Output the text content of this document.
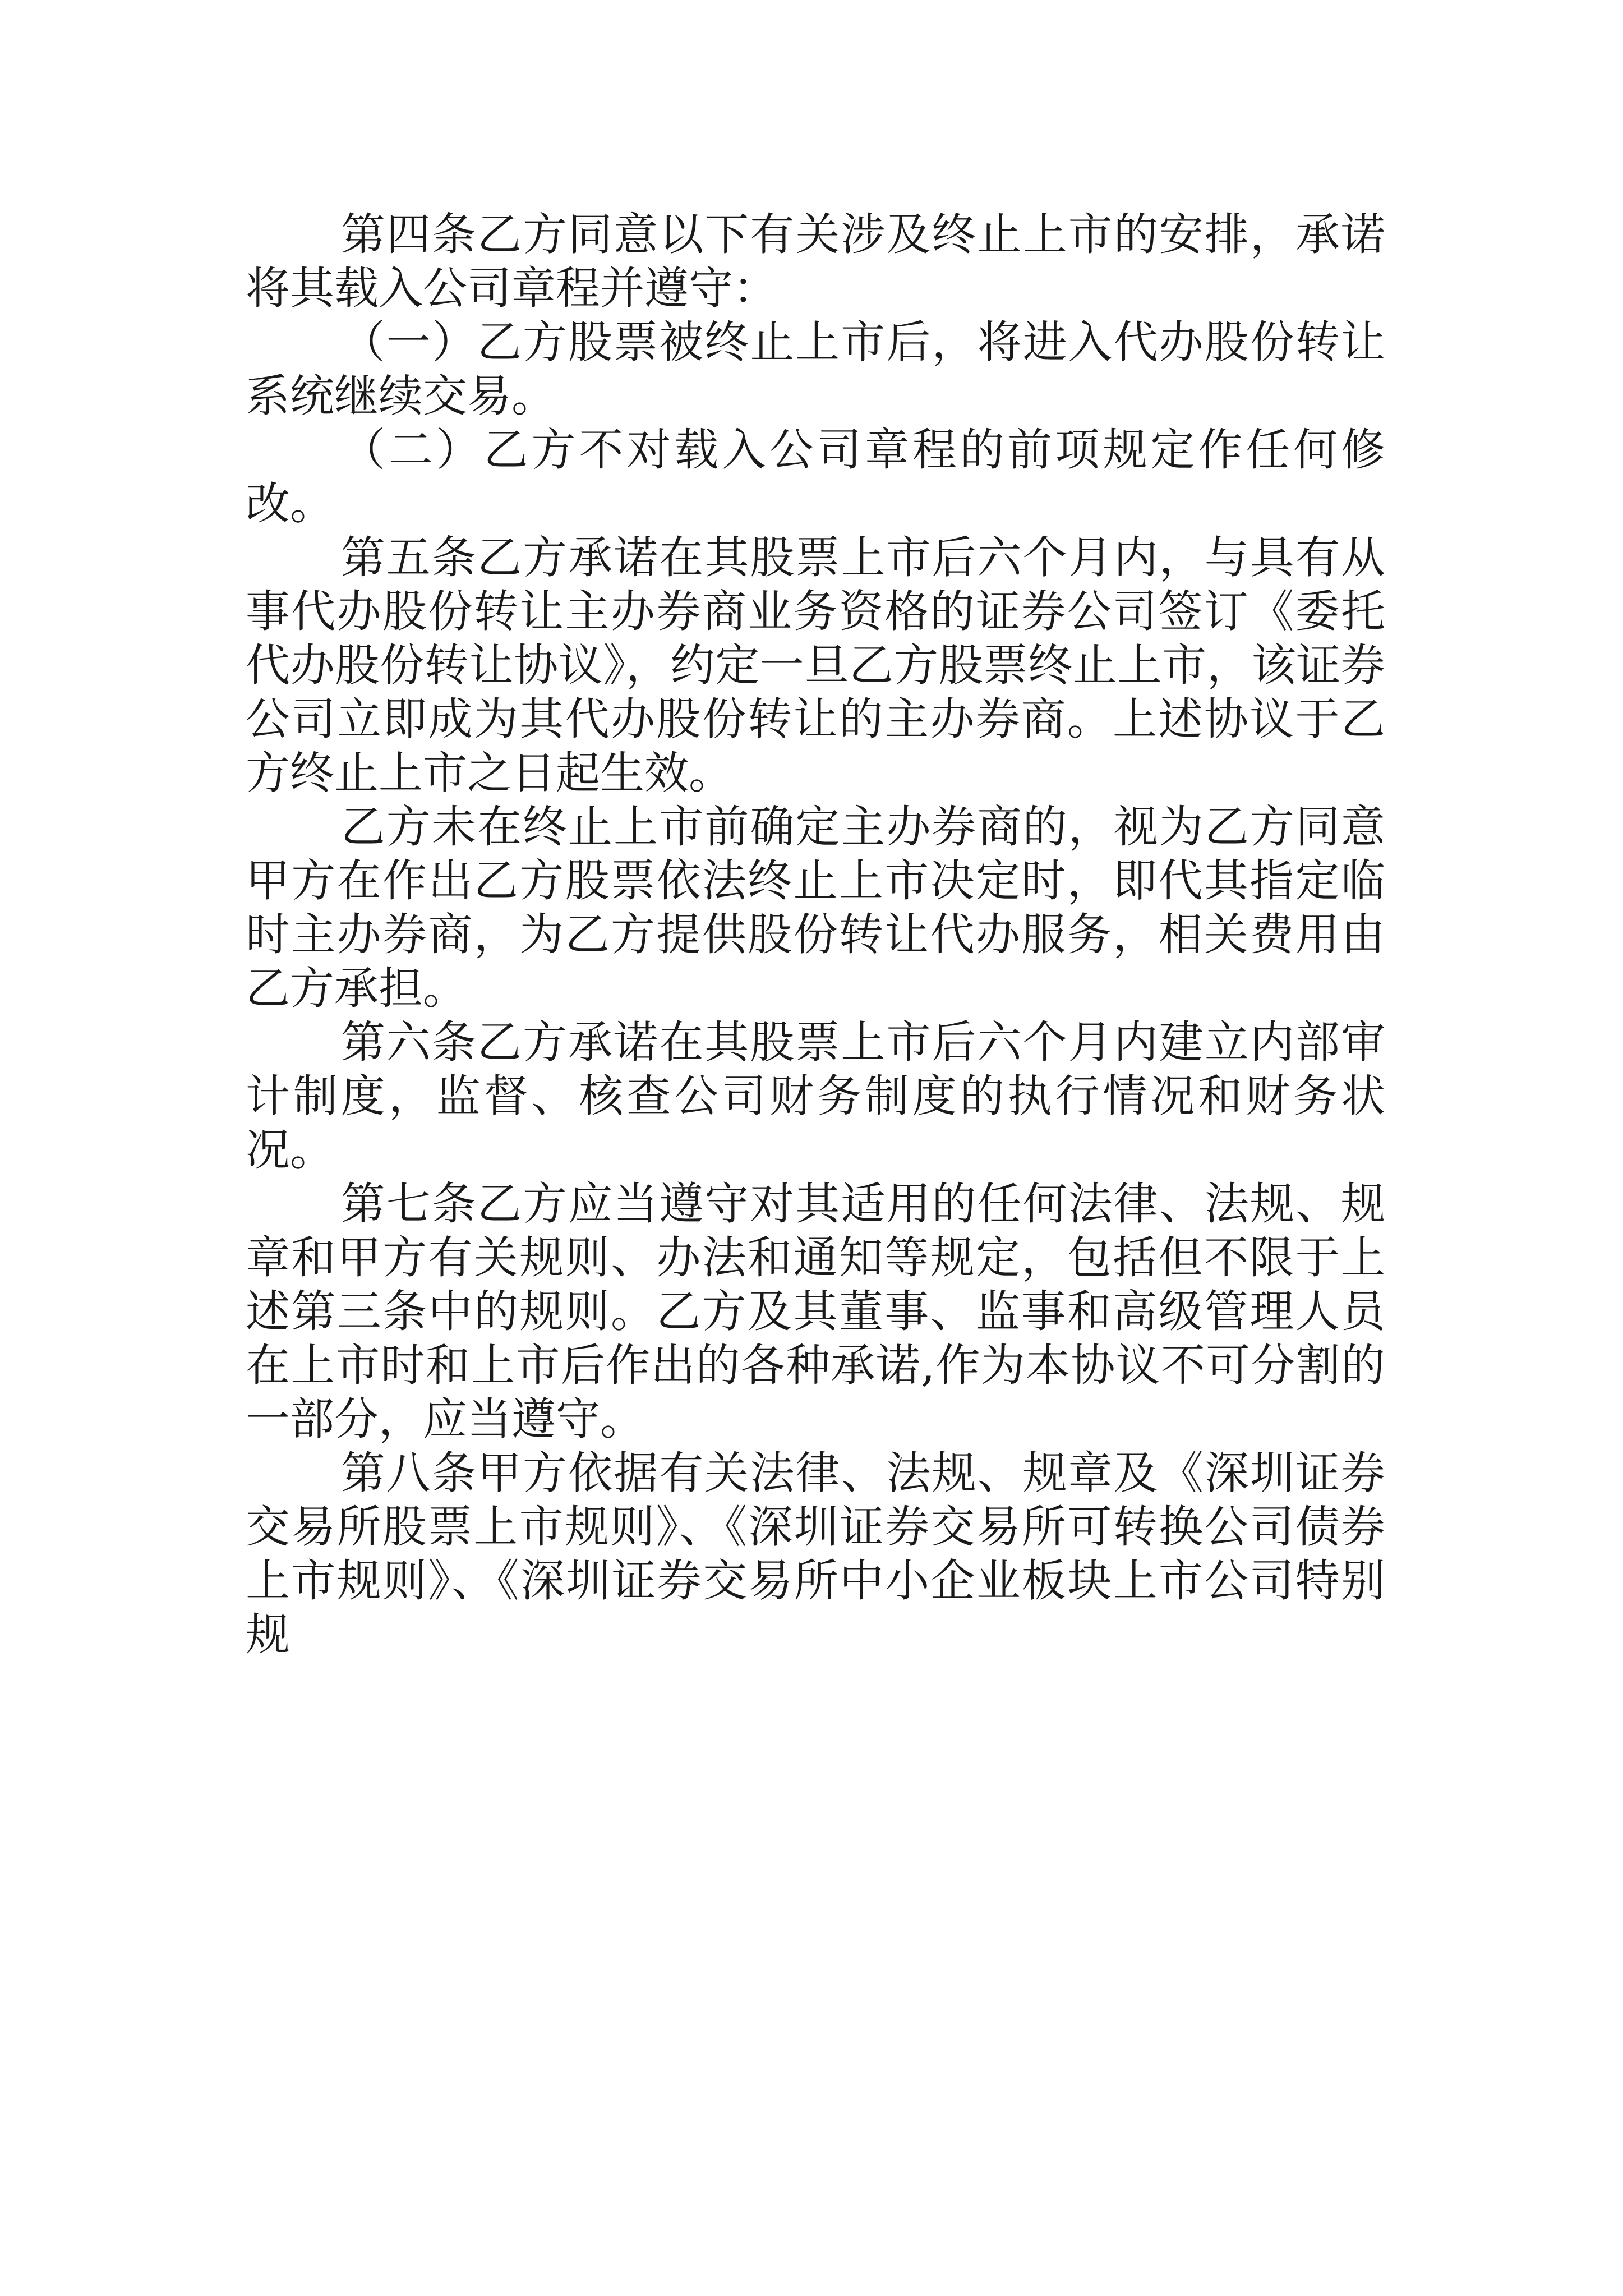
第四条乙方同意以下有关涉及终止上市的安排，承诺将其载入公司章程并遵守：

（一）乙方股票被终止上市后，将进入代办股份转让系统继续交易。

（二）乙方不对载入公司章程的前项规定作任何修改。

第五条乙方承诺在其股票上市后六个月内，与具有从事代办股份转让主办券商业务资格的证券公司签订《委托代办股份转让协议》，约定一旦乙方股票终止上市，该证券公司立即成为其代办股份转让的主办券商。上述协议于乙方终止上市之日起生效。

乙方未在终止上市前确定主办券商的，视为乙方同意甲方在作出乙方股票依法终止上市决定时，即代其指定临时主办券商，为乙方提供股份转让代办服务，相关费用由乙方承担。

第六条乙方承诺在其股票上市后六个月内建立内部审计制度，监督、核查公司财务制度的执行情况和财务状况。

第七条乙方应当遵守对其适用的任何法律、法规、规章和甲方有关规则、办法和通知等规定，包括但不限于上述第三条中的规则。乙方及其董事、监事和高级管理人员在上市时和上市后作出的各种承诺,作为本协议不可分割的一部分，应当遵守。

第八条甲方依据有关法律、法规、规章及《深圳证券交易所股票上市规则》、《深圳证券交易所可转换公司债券上市规则》、《深圳证券交易所中小企业板块上市公司特别规
